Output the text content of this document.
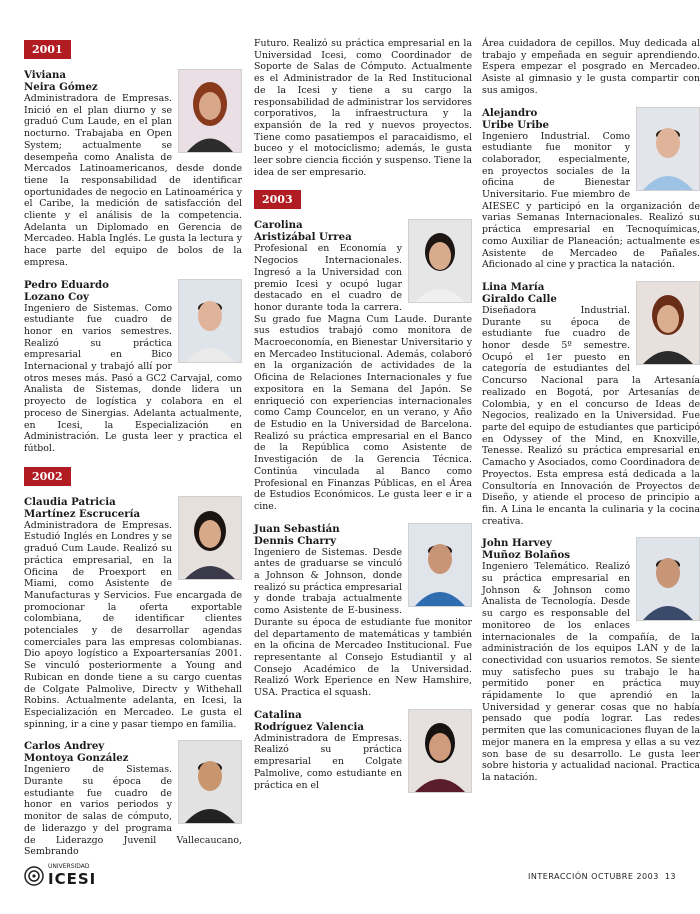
2001
Viviana
Neira Gómez

Administradora de Empresas. Inició en el plan diurno y se graduó Cum Laude, en el plan nocturno. Trabajaba en Open System; actualmente se desempeña como Analista de Mercados Latinoamericanos, desde donde tiene la responsabilidad de identificar oportunidades de negocio en Latinoamérica y el Caribe, la medición de satisfacción del cliente y el análisis de la competencia. Adelanta un Diplomado en Gerencia de Mercadeo. Habla Inglés. Le gusta la lectura y hace parte del equipo de bolos de la empresa.

Pedro Eduardo
Lozano Coy

Ingeniero de Sistemas. Como estudiante fue cuadro de honor en varios semestres. Realizó su práctica empresarial en Bico Internacional y trabajó allí por otros meses más. Pasó a GC2 Carvajal, como Analista de Sistemas, donde lidera un proyecto de logística y colabora en el proceso de Sinergias. Adelanta actualmente, en Icesi, la Especialización en Administración. Le gusta leer y practica el fútbol.

2002
Claudia Patricia
Martínez Escrucería

Administradora de Empresas. Estudió Inglés en Londres y se graduó Cum Laude. Realizó su práctica empresarial, en la Oficina de Proexport en Miami, como Asistente de Manufacturas y Servicios. Fue encargada de promocionar la oferta exportable colombiana, de identificar clientes potenciales y de desarrollar agendas comerciales para las empresas colombianas. Dio apoyo logístico a Expoartersanías 2001. Se vinculó posteriormente a Young and Rubican en donde tiene a su cargo cuentas de Colgate Palmolive, Directv y Withehall Robins. Actualmente adelanta, en Icesi, la Especialización en Mercadeo. Le gusta el spinning, ir a cine y pasar tiempo en familia.

Carlos Andrey
Montoya González

Ingeniero de Sistemas. Durante su época de estudiante fue cuadro de honor en varios periodos y monitor de salas de cómputo, de liderazgo y del programa de Liderazgo Juvenil Vallecaucano, Sembrando

Futuro. Realizó su práctica empresarial en la Universidad Icesi, como Coordinador de Soporte de Salas de Cómputo. Actualmente es el Administrador de la Red Institucional de la Icesi y tiene a su cargo la responsabilidad de administrar los servidores corporativos, la infraestructura y la expansión de la red y nuevos proyectos. Tiene como pasatiempos el paracaidismo, el buceo y el motociclismo; además, le gusta leer sobre ciencia ficción y suspenso. Tiene la idea de ser empresario.

2003
Carolina
Aristizábal Urrea

Profesional en Economía y Negocios Internacionales. Ingresó a la Universidad con premio Icesi y ocupó lugar destacado en el cuadro de honor durante toda la carrera. Su grado fue Magna Cum Laude. Durante sus estudios trabajó como monitora de Macroeconomía, en Bienestar Universitario y en Mercadeo Institucional. Además, colaboró en la organización de actividades de la Oficina de Relaciones Internacionales y fue expositora en la Semana del Japón. Se enriqueció con experiencias internacionales como Camp Councelor, en un verano, y Año de Estudio en la Universidad de Barcelona. Realizó su práctica empresarial en el Banco de la República como Asistente de Investigación de la Gerencia Técnica. Continúa vinculada al Banco como Profesional en Finanzas Públicas, en el Área de Estudios Económicos. Le gusta leer e ir a cine.

Juan Sebastián
Dennis Charry

Ingeniero de Sistemas. Desde antes de graduarse se vinculó a Johnson & Johnson, donde realizó su práctica empresarial y donde trabaja actualmente como Asistente de E-business. Durante su época de estudiante fue monitor del departamento de matemáticas y también en la oficina de Mercadeo Institucional. Fue representante al Consejo Estudiantil y al Consejo Académico de la Universidad. Realizó Work Eperience en New Hamshire, USA. Practica el squash.

Catalina
Rodríguez Valencia

Administradora de Empresas. Realizó su práctica empresarial en Colgate Palmolive, como estudiante en práctica en el

Área cuidadora de cepillos. Muy dedicada al trabajo y empeñada en seguir aprendiendo. Espera empezar el posgrado en Mercadeo. Asiste al gimnasio y le gusta compartir con sus amigos.

Alejandro
Uribe Uribe

Ingeniero Industrial. Como estudiante fue monitor y colaborador, especialmente, en proyectos sociales de la oficina de Bienestar Universitario. Fue miembro de AIESEC y participó en la organización de varias Semanas Internacionales. Realizó su práctica empresarial en Tecnoquímicas, como Auxiliar de Planeación; actualmente es Asistente de Mercadeo de Pañales. Aficionado al cine y practica la natación.

Lina María
Giraldo Calle

Diseñadora Industrial. Durante su época de estudiante fue cuadro de honor desde 5º semestre. Ocupó el 1er puesto en categoría de estudiantes del Concurso Nacional para la Artesanía realizado en Bogotá, por Artesanías de Colombia, y en el concurso de Ideas de Negocios, realizado en la Universidad. Fue parte del equipo de estudiantes que participó en Odyssey of the Mind, en Knoxville, Tenesse. Realizó su práctica empresarial en Camacho y Asociados, como Coordinadora de Proyectos. Esta empresa está dedicada a la Consultoría en Innovación de Proyectos de Diseño, y atiende el proceso de principio a fin. A Lina le encanta la culinaria y la cocina creativa.

John Harvey
Muñoz Bolaños

Ingeniero Telemático. Realizó su práctica empresarial en Johnson & Johnson como Analista de Tecnología. Desde su cargo es responsable del monitoreo de los enlaces internacionales de la compañía, de la administración de los equipos LAN y de la conectividad con usuarios remotos. Se siente muy satisfecho pues su trabajo le ha permitido poner en práctica muy rápidamente lo que aprendió en la Universidad y generar cosas que no había pensado que podía lograr. Las redes permiten que las comunicaciones fluyan de la mejor manera en la empresa y ellas a su vez son base de su desarrollo. Le gusta leer sobre historia y actualidad nacional. Practica la natación.

UNIVERSIDAD
ICESI	INTERACCIÓN OCTUBRE 2003 13
